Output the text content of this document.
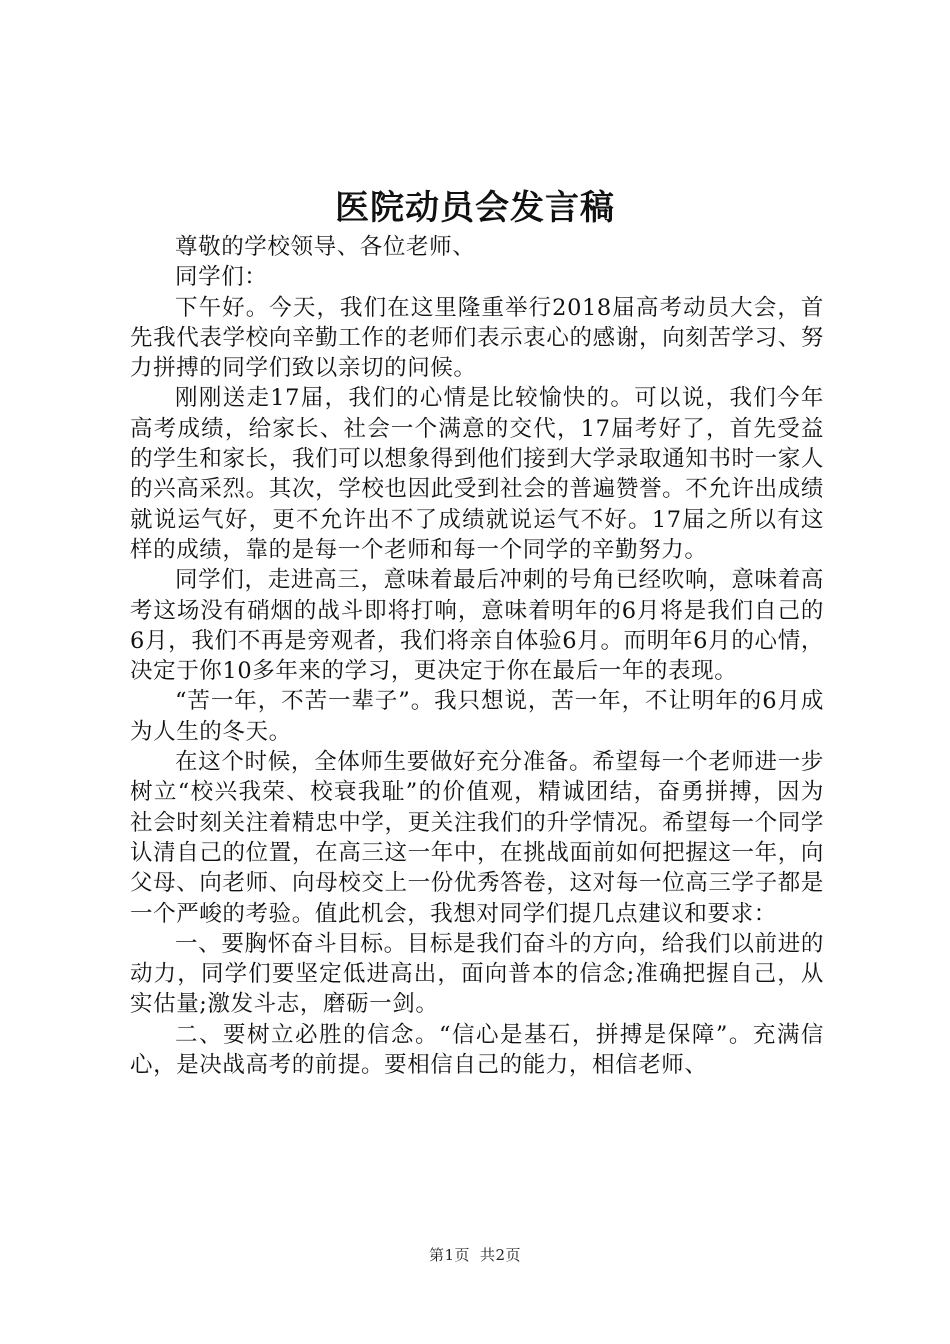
医院动员会发言稿

尊敬的学校领导、各位老师、

同学们：

下午好。今天，我们在这里隆重举行2018届高考动员大会，首先我代表学校向辛勤工作的老师们表示衷心的感谢，向刻苦学习、努力拼搏的同学们致以亲切的问候。

刚刚送走17届，我们的心情是比较愉快的。可以说，我们今年高考成绩，给家长、社会一个满意的交代，17届考好了，首先受益的学生和家长，我们可以想象得到他们接到大学录取通知书时一家人的兴高采烈。其次，学校也因此受到社会的普遍赞誉。不允许出成绩就说运气好，更不允许出不了成绩就说运气不好。17届之所以有这样的成绩，靠的是每一个老师和每一个同学的辛勤努力。

同学们，走进高三，意味着最后冲刺的号角已经吹响，意味着高考这场没有硝烟的战斗即将打响，意味着明年的6月将是我们自己的6月，我们不再是旁观者，我们将亲自体验6月。而明年6月的心情，决定于你10多年来的学习，更决定于你在最后一年的表现。

“苦一年，不苦一辈子”。我只想说，苦一年，不让明年的6月成为人生的冬天。

在这个时候，全体师生要做好充分准备。希望每一个老师进一步树立“校兴我荣、校衰我耻”的价值观，精诚团结，奋勇拼搏，因为社会时刻关注着精忠中学，更关注我们的升学情况。希望每一个同学认清自己的位置，在高三这一年中，在挑战面前如何把握这一年，向父母、向老师、向母校交上一份优秀答卷，这对每一位高三学子都是一个严峻的考验。值此机会，我想对同学们提几点建议和要求：

一、要胸怀奋斗目标。目标是我们奋斗的方向，给我们以前进的动力，同学们要坚定低进高出，面向普本的信念;准确把握自己，从实估量;激发斗志，磨砺一剑。

二、要树立必胜的信念。“信心是基石，拼搏是保障”。充满信心，是决战高考的前提。要相信自己的能力，相信老师、

第1页 共2页
